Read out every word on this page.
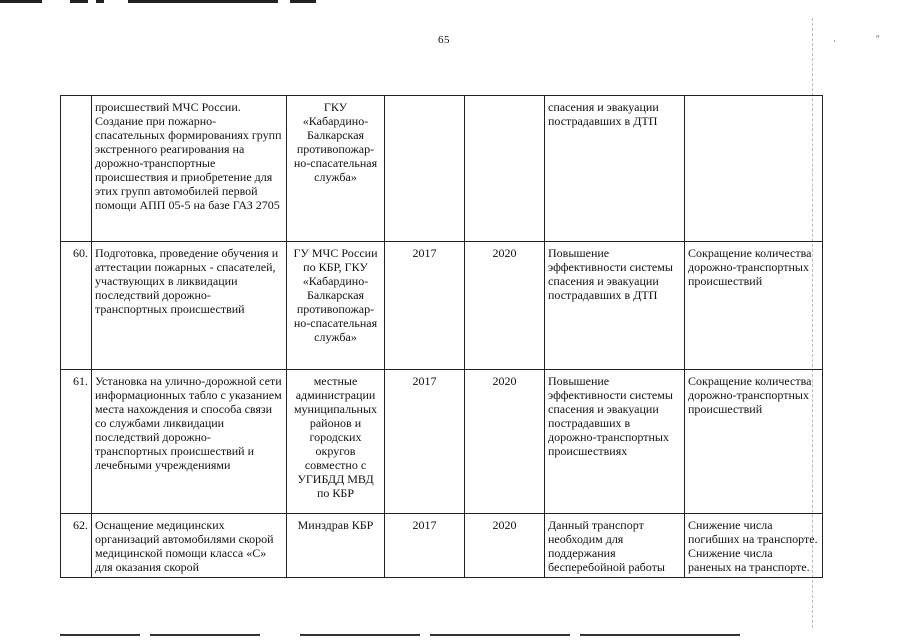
·	″
65
	происшествий МЧС России. Создание при пожарно-спасательных формированиях групп экстренного реагирования на дорожно-транспортные происшествия и приобретение для этих групп автомобилей первой помощи АПП 05-5 на базе ГАЗ 2705	ГКУ «Кабардино-Балкарская противопожар-но-спасательная служба»			спасения и эвакуации пострадавших в ДТП	
60.	Подготовка, проведение обучения и аттестации пожарных - спасателей, участвующих в ликвидации последствий дорожно-транспортных происшествий	ГУ МЧС России по КБР, ГКУ «Кабардино-Балкарская противопожар-но-спасательная служба»	2017	2020	Повышение эффективности системы спасения и эвакуации пострадавших в ДТП	Сокращение количества дорожно-транспортных происшествий
61.	Установка на улично-дорожной сети информационных табло с указанием места нахождения и способа связи со службами ликвидации последствий дорожно-транспортных происшествий и лечебными учреждениями	местные администрации муниципальных районов и городских округов совместно с УГИБДД МВД по КБР	2017	2020	Повышение эффективности системы спасения и эвакуации пострадавших в дорожно-транспортных происшествиях	Сокращение количества дорожно-транспортных происшествий
62.	Оснащение медицинских организаций автомобилями скорой медицинской помощи класса «С» для оказания скорой	Минздрав КБР	2017	2020	Данный транспорт необходим для поддержания бесперебойной работы	Снижение числа погибших на транспорте. Снижение числа раненых на транспорте.
